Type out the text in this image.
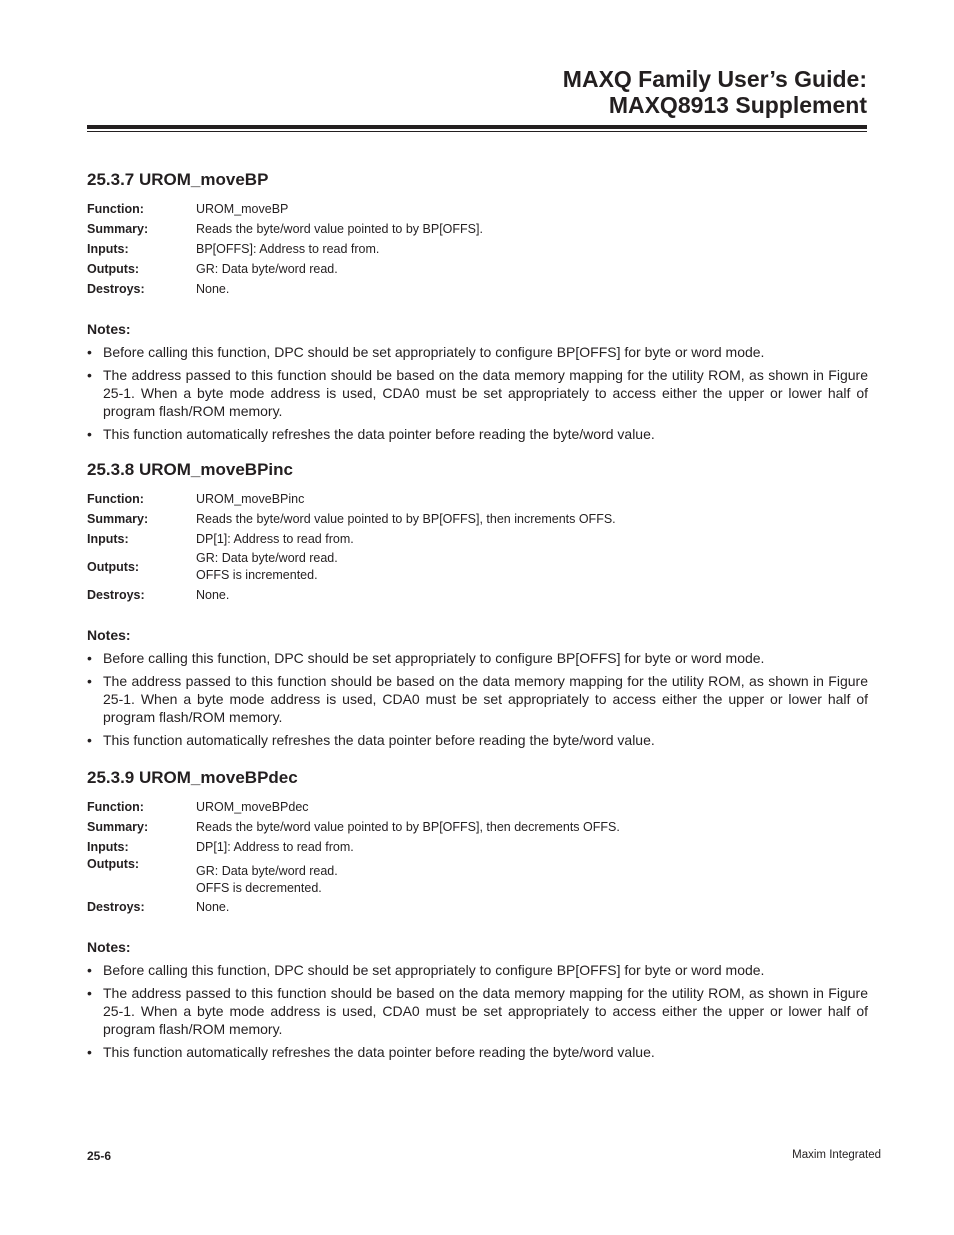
MAXQ Family User’s Guide:
MAXQ8913 Supplement
25.3.7 UROM_moveBP
Function:	UROM_moveBP
Summary:	Reads the byte/word value pointed to by BP[OFFS].
Inputs:	BP[OFFS]: Address to read from.
Outputs:	GR: Data byte/word read.
Destroys:	None.
Notes:
• Before calling this function, DPC should be set appropriately to configure BP[OFFS] for byte or word mode.
• The address passed to this function should be based on the data memory mapping for the utility ROM, as shown in Figure 25-1. When a byte mode address is used, CDA0 must be set appropriately to access either the upper or lower half of program flash/ROM memory.
• This function automatically refreshes the data pointer before reading the byte/word value.
25.3.8 UROM_moveBPinc
Function:	UROM_moveBPinc
Summary:	Reads the byte/word value pointed to by BP[OFFS], then increments OFFS.
Inputs:	DP[1]: Address to read from.
Outputs:
GR: Data byte/word read.
OFFS is incremented.
Destroys:	None.
Notes:
• Before calling this function, DPC should be set appropriately to configure BP[OFFS] for byte or word mode.
• The address passed to this function should be based on the data memory mapping for the utility ROM, as shown in Figure 25-1. When a byte mode address is used, CDA0 must be set appropriately to access either the upper or lower half of program flash/ROM memory.
• This function automatically refreshes the data pointer before reading the byte/word value.
25.3.9 UROM_moveBPdec
Function:	UROM_moveBPdec
Summary:	Reads the byte/word value pointed to by BP[OFFS], then decrements OFFS.
Inputs:	DP[1]: Address to read from.
Outputs:	GR: Data byte/word read.
OFFS is decremented.
Destroys:	None.
Notes:
• Before calling this function, DPC should be set appropriately to configure BP[OFFS] for byte or word mode.
• The address passed to this function should be based on the data memory mapping for the utility ROM, as shown in Figure 25-1. When a byte mode address is used, CDA0 must be set appropriately to access either the upper or lower half of program flash/ROM memory.
• This function automatically refreshes the data pointer before reading the byte/word value.
25-6	Maxim Integrated
